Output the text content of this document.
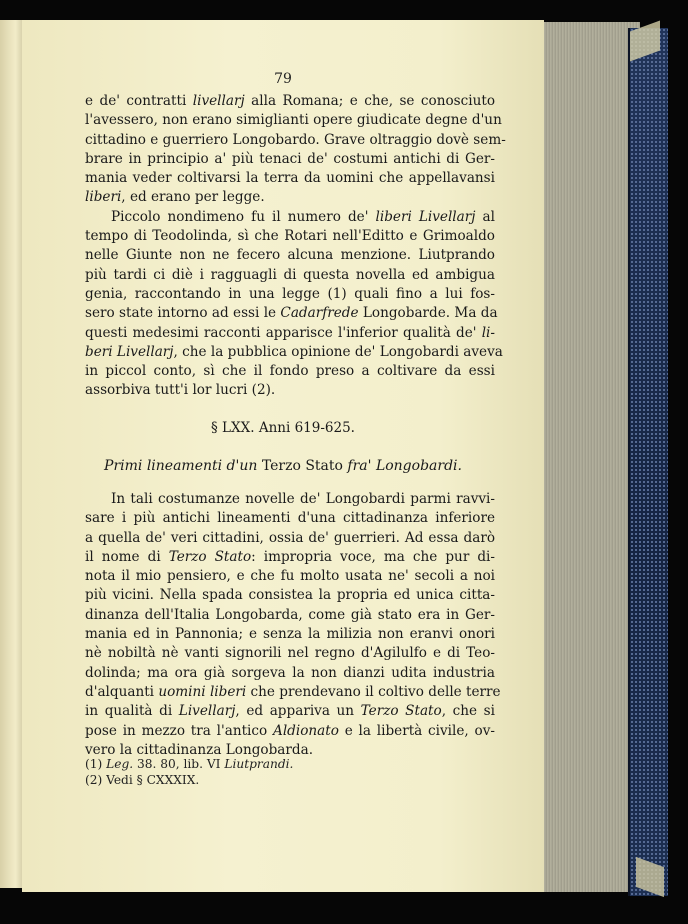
79
e de' contratti livellarj alla Romana; e che, se conosciuto
l'avessero, non erano simiglianti opere giudicate degne d'un
cittadino e guerriero Longobardo. Grave oltraggio dovè sem-
brare in principio a' più tenaci de' costumi antichi di Ger-
mania veder coltivarsi la terra da uomini che appellavansi
liberi, ed erano per legge.
Piccolo nondimeno fu il numero de' liberi Livellarj al
tempo di Teodolinda, sì che Rotari nell'Editto e Grimoaldo
nelle Giunte non ne fecero alcuna menzione. Liutprando
più tardi ci diè i ragguagli di questa novella ed ambigua
genia, raccontando in una legge (1) quali fino a lui fos-
sero state intorno ad essi le Cadarfrede Longobarde. Ma da
questi medesimi racconti apparisce l'inferior qualità de' li-
beri Livellarj, che la pubblica opinione de' Longobardi aveva
in piccol conto, sì che il fondo preso a coltivare da essi
assorbiva tutt'i lor lucri (2).
§ LXX. Anni 619-625.
Primi lineamenti d'un Terzo Stato fra' Longobardi.
In tali costumanze novelle de' Longobardi parmi ravvi-
sare i più antichi lineamenti d'una cittadinanza inferiore
a quella de' veri cittadini, ossia de' guerrieri. Ad essa darò
il nome di Terzo Stato: impropria voce, ma che pur di-
nota il mio pensiero, e che fu molto usata ne' secoli a noi
più vicini. Nella spada consistea la propria ed unica citta-
dinanza dell'Italia Longobarda, come già stato era in Ger-
mania ed in Pannonia; e senza la milizia non eranvi onori
nè nobiltà nè vanti signorili nel regno d'Agilulfo e di Teo-
dolinda; ma ora già sorgeva la non dianzi udita industria
d'alquanti uomini liberi che prendevano il coltivo delle terre
in qualità di Livellarj, ed appariva un Terzo Stato, che si
pose in mezzo tra l'antico Aldionato e la libertà civile, ov-
vero la cittadinanza Longobarda.
(1) Leg. 38. 80, lib. VI Liutprandi.
(2) Vedi § CXXXIX.
